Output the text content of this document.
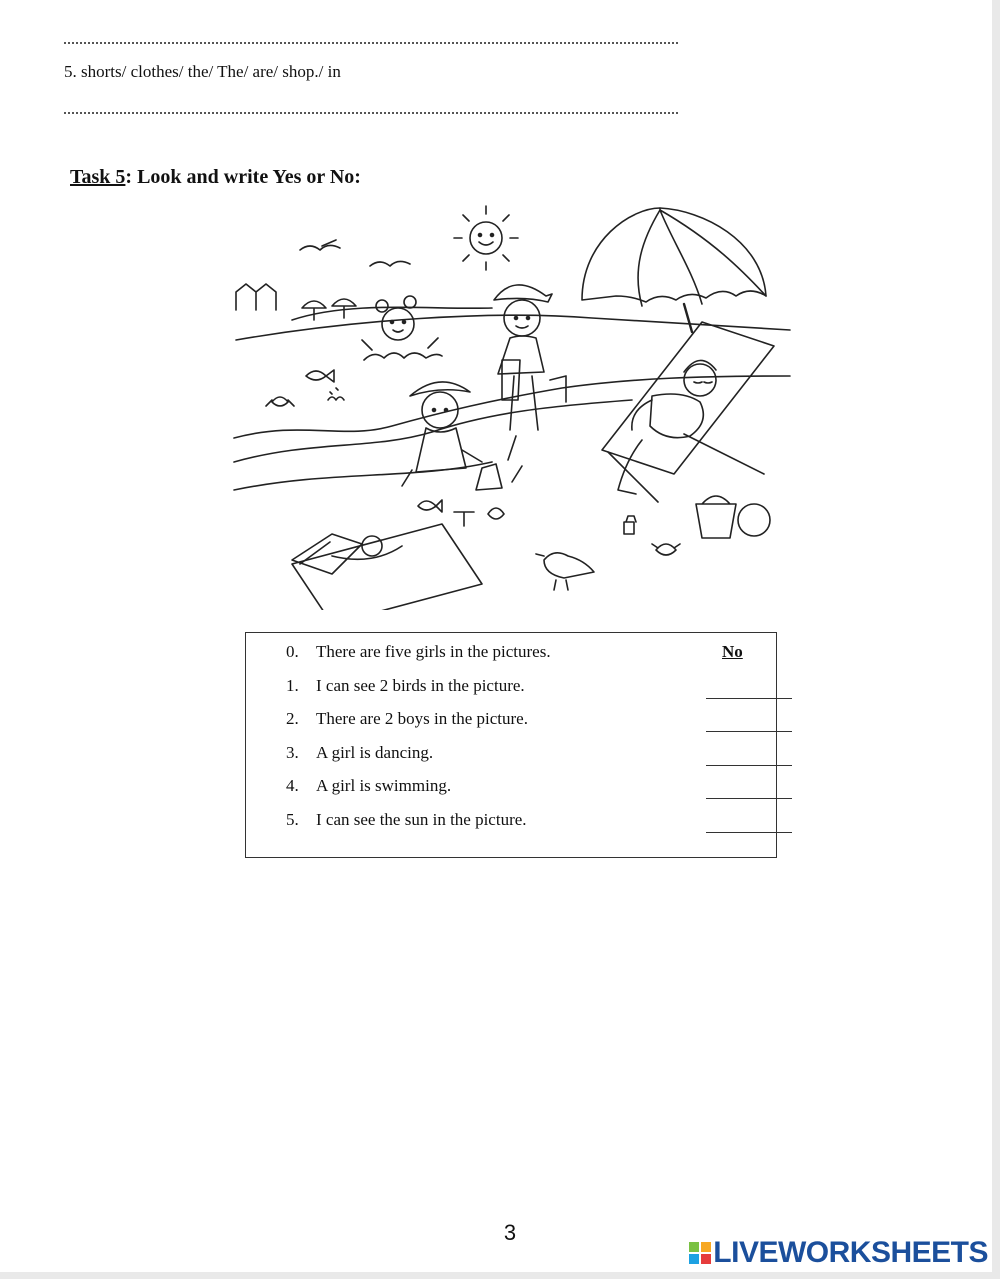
5. shorts/ clothes/ the/ The/ are/ shop./ in
Task 5: Look and write Yes or No:
0.	There are five girls in the pictures.	No
1.	I can see 2 birds in the picture.
2.	There are 2 boys in the picture.
3.	A girl is dancing.
4.	A girl is swimming.
5.	I can see the sun in the picture.
3
LIVEWORKSHEETS
